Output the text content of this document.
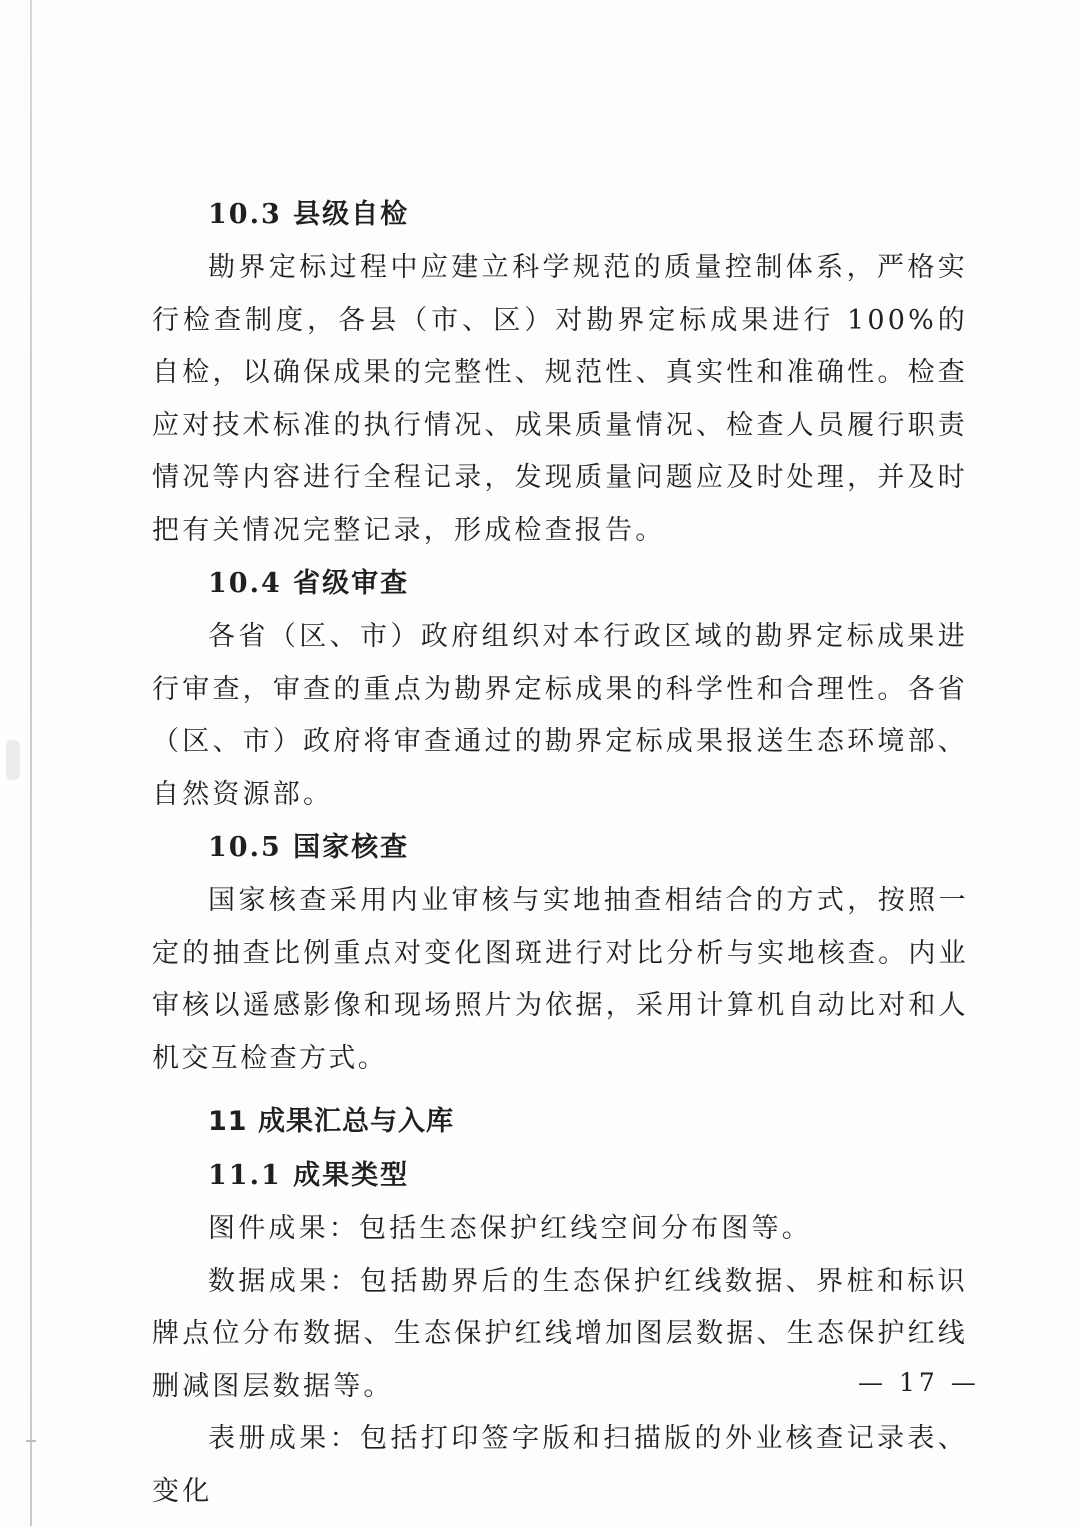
10.3 县级自检

勘界定标过程中应建立科学规范的质量控制体系，严格实行检查制度，各县（市、区）对勘界定标成果进行 100%的自检，以确保成果的完整性、规范性、真实性和准确性。检查应对技术标准的执行情况、成果质量情况、检查人员履行职责情况等内容进行全程记录，发现质量问题应及时处理，并及时把有关情况完整记录，形成检查报告。

10.4 省级审查

各省（区、市）政府组织对本行政区域的勘界定标成果进行审查，审查的重点为勘界定标成果的科学性和合理性。各省（区、市）政府将审查通过的勘界定标成果报送生态环境部、自然资源部。

10.5 国家核查

国家核查采用内业审核与实地抽查相结合的方式，按照一定的抽查比例重点对变化图斑进行对比分析与实地核查。内业审核以遥感影像和现场照片为依据，采用计算机自动比对和人机交互检查方式。

11 成果汇总与入库
11.1 成果类型

图件成果：包括生态保护红线空间分布图等。

数据成果：包括勘界后的生态保护红线数据、界桩和标识牌点位分布数据、生态保护红线增加图层数据、生态保护红线删减图层数据等。

表册成果：包括打印签字版和扫描版的外业核查记录表、变化

— 17 —
